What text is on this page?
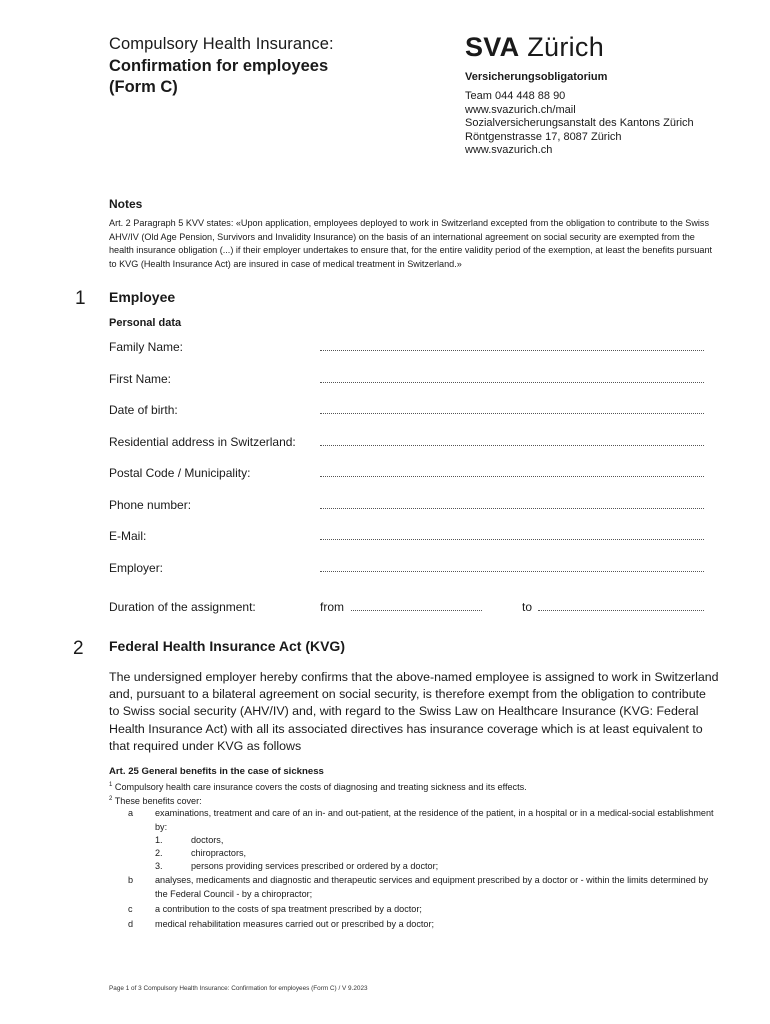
Compulsory Health Insurance:
Confirmation for employees
(Form C)
SVA Zürich
Versicherungsobligatorium
Team 044 448 88 90
www.svazurich.ch/mail
Sozialversicherungsanstalt des Kantons Zürich
Röntgenstrasse 17, 8087 Zürich
www.svazurich.ch
Notes
Art. 2 Paragraph 5 KVV states: «Upon application, employees deployed to work in Switzerland excepted from the obligation to contribute to the Swiss AHV/IV (Old Age Pension, Survivors and Invalidity Insurance) on the basis of an international agreement on social security are exempted from the health insurance obligation (...) if their employer undertakes to ensure that, for the entire validity period of the exemption, at least the benefits pursuant to KVG (Health Insurance Act) are insured in case of medical treatment in Switzerland.»
1 Employee
Personal data
Family Name:
First Name:
Date of birth:
Residential address in Switzerland:
Postal Code / Municipality:
Phone number:
E-Mail:
Employer:
Duration of the assignment:	from	to
2 Federal Health Insurance Act (KVG)
The undersigned employer hereby confirms that the above-named employee is assigned to work in Switzerland and, pursuant to a bilateral agreement on social security, is therefore exempt from the obligation to contribute to Swiss social security (AHV/IV) and, with regard to the Swiss Law on Healthcare Insurance (KVG: Federal Health Insurance Act) with all its associated directives has insurance coverage which is at least equivalent to that required under KVG as follows
Art. 25 General benefits in the case of sickness
$^1$ Compulsory health care insurance covers the costs of diagnosing and treating sickness and its effects.
$^2$ These benefits cover:
a examinations, treatment and care of an in- and out-patient, at the residence of the patient, in a hospital or in a medical-social establishment by:
1.	doctors,
2.	chiropractors,
3.	persons providing services prescribed or ordered by a doctor;
b analyses, medicaments and diagnostic and therapeutic services and equipment prescribed by a doctor or - within the limits determined by the Federal Council - by a chiropractor;
c a contribution to the costs of spa treatment prescribed by a doctor;
d medical rehabilitation measures carried out or prescribed by a doctor;
Page 1 of 3 Compulsory Health Insurance: Confirmation for employees (Form C) / V 9.2023
